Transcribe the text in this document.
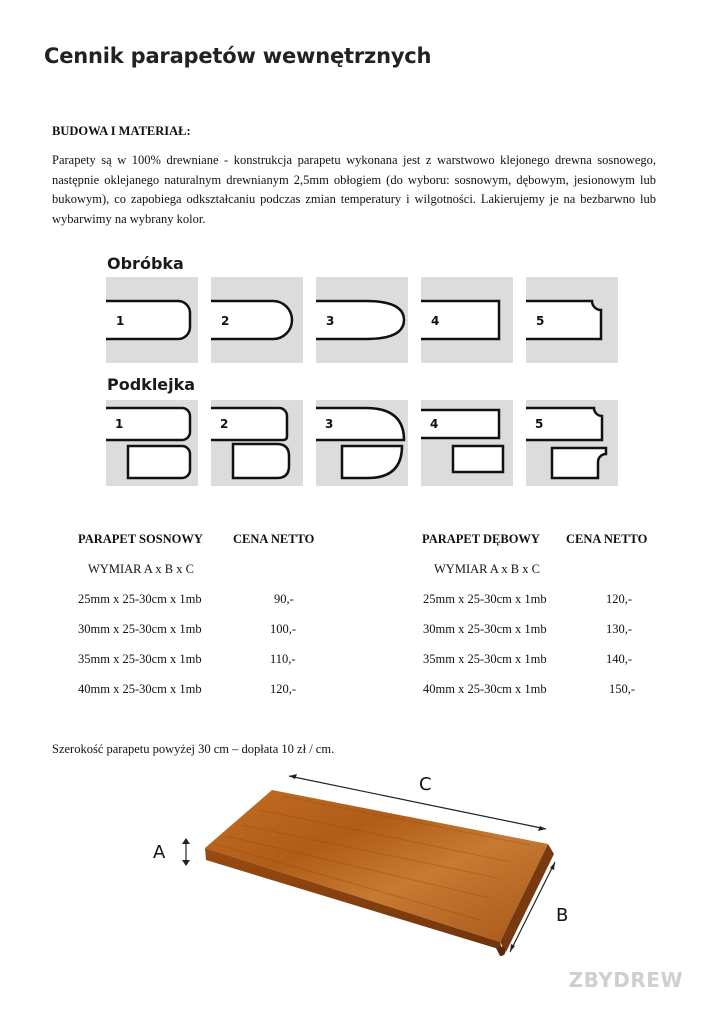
Cennik parapetów wewnętrznych
BUDOWA I MATERIAŁ:
Parapety są w 100% drewniane - konstrukcja parapetu wykonana jest z warstwowo klejonego drewna sosnowego, następnie oklejanego naturalnym drewnianym 2,5mm obłogiem (do wyboru: sosnowym, dębowym, jesionowym lub bukowym), co zapobiega odkształcaniu podczas zmian temperatury i wilgotności. Lakierujemy je na bezbarwno lub wybarwimy na wybrany kolor.
Obróbka
1	2	3	4	5
Podklejka
1	2	3	4	5
PARAPET SOSNOWY CENA NETTO
WYMIAR A x B x C
25mm x 25-30cm x 1mb	90,-
30mm x 25-30cm x 1mb	100,-
35mm x 25-30cm x 1mb	110,-
40mm x 25-30cm x 1mb	120,-
PARAPET DĘBOWY CENA NETTO
WYMIAR A x B x C
25mm x 25-30cm x 1mb	120,-
30mm x 25-30cm x 1mb	130,-
35mm x 25-30cm x 1mb	140,-
40mm x 25-30cm x 1mb	150,-
Szerokość parapetu powyżej 30 cm – dopłata 10 zł / cm.
C
A
B
ZBYDREW
